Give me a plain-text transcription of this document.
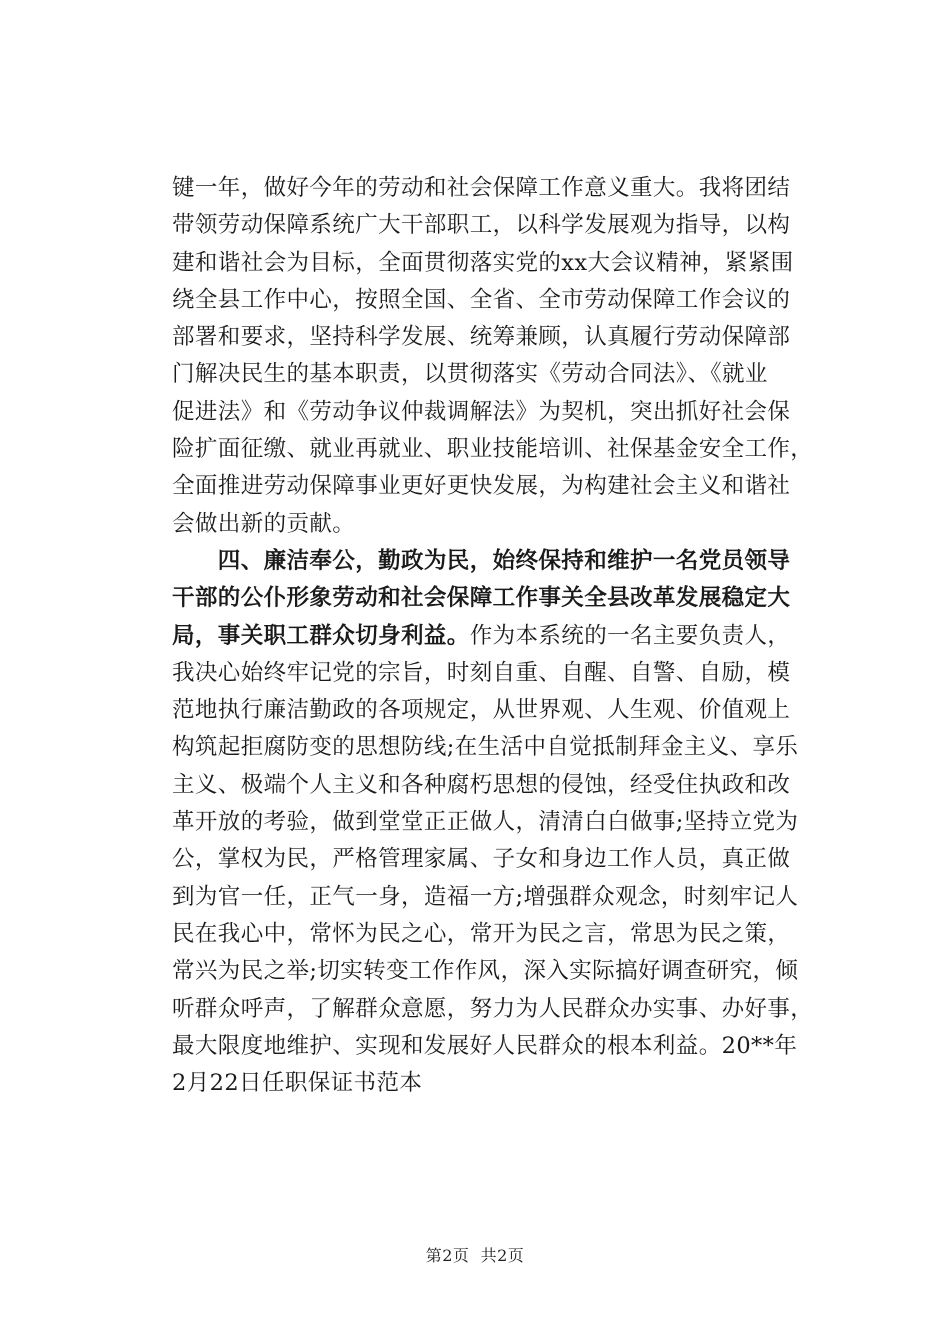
键一年，做好今年的劳动和社会保障工作意义重大。我将团结
带领劳动保障系统广大干部职工，以科学发展观为指导，以构
建和谐社会为目标，全面贯彻落实党的xx大会议精神，紧紧围
绕全县工作中心，按照全国、全省、全市劳动保障工作会议的
部署和要求，坚持科学发展、统筹兼顾，认真履行劳动保障部
门解决民生的基本职责，以贯彻落实《劳动合同法》、《就业
促进法》和《劳动争议仲裁调解法》为契机，突出抓好社会保
险扩面征缴、就业再就业、职业技能培训、社保基金安全工作，
全面推进劳动保障事业更好更快发展，为构建社会主义和谐社
会做出新的贡献。
　　四、廉洁奉公，勤政为民，始终保持和维护一名党员领导
干部的公仆形象劳动和社会保障工作事关全县改革发展稳定大
局，事关职工群众切身利益。作为本系统的一名主要负责人，
我决心始终牢记党的宗旨，时刻自重、自醒、自警、自励，模
范地执行廉洁勤政的各项规定，从世界观、人生观、价值观上
构筑起拒腐防变的思想防线;在生活中自觉抵制拜金主义、享乐
主义、极端个人主义和各种腐朽思想的侵蚀，经受住执政和改
革开放的考验，做到堂堂正正做人，清清白白做事;坚持立党为
公，掌权为民，严格管理家属、子女和身边工作人员，真正做
到为官一任，正气一身，造福一方;增强群众观念，时刻牢记人
民在我心中，常怀为民之心，常开为民之言，常思为民之策，
常兴为民之举;切实转变工作作风，深入实际搞好调查研究，倾
听群众呼声，了解群众意愿，努力为人民群众办实事、办好事，
最大限度地维护、实现和发展好人民群众的根本利益。20**年
2月22日任职保证书范本
第2页  共2页
